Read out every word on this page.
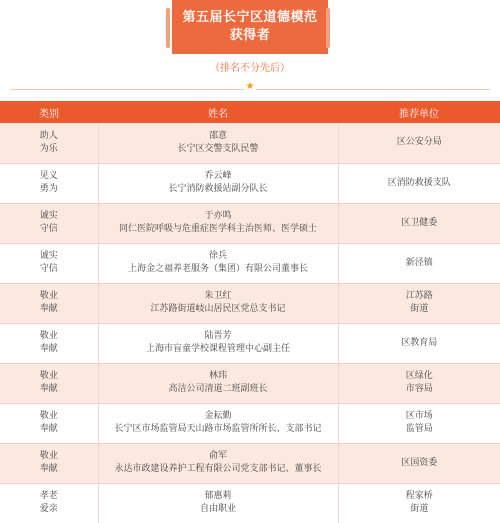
第五届长宁区道德模范
获得者
（排名不分先后）
★
类别	姓名	推荐单位

助人
为乐	邵意
长宁区交警支队民警	区公安分局

见义
勇为	乔云峰
长宁消防救援站副分队长	区消防救援支队

诚实
守信	于亦鸣
同仁医院呼吸与危重症医学科主治医师、医学硕士	区卫健委

诚实
守信	徐兵
上海金之福养老服务（集团）有限公司董事长	新泾镇

敬业
奉献	朱卫红
江苏路街道岐山居民区党总支书记	江苏路
街道

敬业
奉献	陆晋芳
上海市盲童学校课程管理中心副主任	区教育局

敬业
奉献	林玮
高洁公司清道二班副班长	区绿化
市容局

敬业
奉献	金耘勤
长宁区市场监管局天山路市场监管所所长、支部书记	区市场
监管局

敬业
奉献	俞军
永达市政建设养护工程有限公司党支部书记、董事长	区国资委

孝老
爱亲	郁惠莉
自由职业	程家桥
街道
